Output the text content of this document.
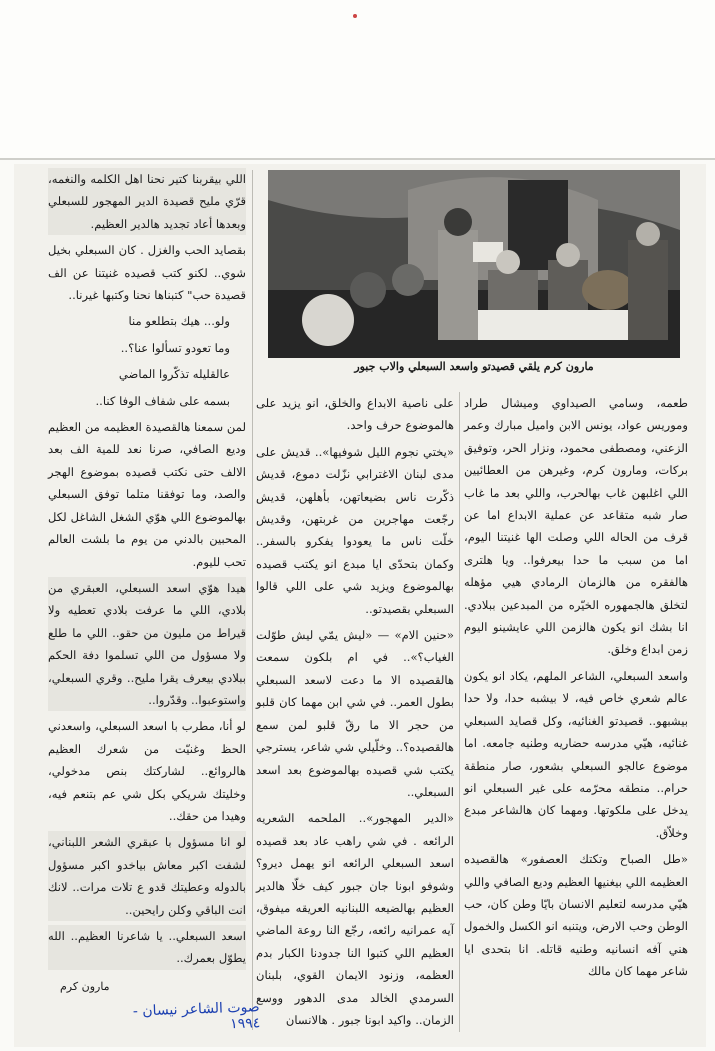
مارون كرم يلقي قصيدتو واسعد السبعلي والاب جبور

اللي بيقربنا كتير نحنا اهل الكلمه والنغمه، قرّي مليح قصيدة الدير المهجور للسبعلي وبعدها أعاد تجديد هالدير العظيم.

بقصايد الحب والغزل . كان السبعلي بخيل شوي.. لكنو كتب قصيده غنيتنا عن الف قصيدة حب" كتبناها نحنا وكتبها غيرنا..

ولو... هيك بتطلعو منا

وما تعودو تسألوا عنا؟..

عالقليله تذكّروا الماضي

بسمه على شفاف الوفا كنا..

لمن سمعنا هالقصيدة العظيمه من العظيم وديع الصافي، صرنا نعد للمية الف بعد الالف حتى نكتب قصيده بموضوع الهجر والصد، وما توفقنا متلما توفق السبعلي بهالموضوع اللي هوّي الشغل الشاغل لكل المحبين بالدني من يوم ما بلشت العالم تحب لليوم.

هيدا هوّي اسعد السبعلي، العبقري من بلادي، اللي ما عرفت بلادي تعطيه ولا قيراط من مليون من حقو.. اللي ما طلع ولا مسؤول من اللي تسلموا دفة الحكم ببلادي بيعرف يقرا مليح.. وقري السبعلي، واستوعبوا.. وقدّروا..

لو أنا، مطرب با اسعد السبعلي، واسعدني الحظ وغنيّت من شعرك العظيم هالروائع.. لشاركتك بنص مدخولي، وخليتك شريكي بكل شي عم بتنعم فيه، وهيدا من حقك..

لو انا مسؤول با عبقري الشعر اللبناني، لشفت اكبر معاش بياخدو اكبر مسؤول بالدوله وعطيتك قدو ع تلات مرات.. لانك انت الباقي وكلن رايحين..

اسعد السبعلي.. يا شاعرنا العظيم.. الله يطوّل بعمرك..

مارون كرم
صوت الشاعر نيسان - ١٩٩٤

على ناصية الابداع والخلق، انو يزيد على هالموضوع حرف واحد.

«يختي نجوم الليل شوفيها».. قديش على مدى لبنان الاغترابي نزّلت دموع، قديش ذكّرت ناس بضيعاتهن، بأهلهن، قديش رجّعت مهاجرين من غربتهن، وقديش خلّت ناس ما يعودوا يفكرو بالسفر.. وكمان بتحدّى ايا مبدع انو يكتب قصيده بهالموضوع ويزيد شي على اللي قالوا السبعلي بقصيدتو..

«حنين الام» — «ليش يمّي ليش طوّلت الغياب؟».. في ام بلكون سمعت هالقصيده الا ما دعت لاسعد السبعلي بطول العمر.. في شي ابن مهما كان قلبو من حجر الا ما رقّ قلبو لمن سمع هالقصيده؟.. وخلّيلي شي شاعر، يسترجي يكتب شي قصيده بهالموضوع بعد اسعد السبعلي..

«الدير المهجور».. الملحمه الشعريه الرائعه . في شي راهب عاد بعد قصيده اسعد السبعلي الرائعه انو يهمل ديرو؟ وشوفو ابونا جان جبور كيف خلّا هالدير العظيم بهالضيعه اللبنانيه العريقه ميفوق، آيه عمرانيه رائعه، رجّع النا روعة الماضي العظيم اللي كتبوا النا جدودنا الكبار بدم العظمه، وزنود الايمان القوي، بلبنان السرمدي الخالد مدى الدهور ووسع الزمان.. واكيد ابونا جبور . هالانسان

طعمه، وسامي الصيداوي وميشال طراد وموريس عواد، يونس الابن واميل مبارك وعمر الزعني، ومصطفى محمود، ونزار الحر، وتوفيق بركات، ومارون كرم، وغيرهن من العطائيين اللي اغلبهن غاب بهالحرب، واللي بعد ما غاب صار شبه متقاعد عن عملية الابداع اما عن قرف من الحاله اللي وصلت الها غنيتنا اليوم، اما من سبب ما حدا بيعرفوا.. ويا هلترى هالفقره من هالزمان الرمادي هيي مؤهله لتخلق هالجمهوره الخيّره من المبدعين ببلادي. انا بشك انو يكون هالزمن اللي عايشينو اليوم زمن ابداع وخلق.

واسعد السبعلي، الشاعر الملهم، يكاد انو يكون عالم شعري خاص فيه، لا بيشبه حدا، ولا حدا بيشبهو.. قصيدتو الغنائيه، وكل قصايد السبعلي غنائيه، هيّي مدرسه حضاريه وطنيه جامعه. اما موضوع عالجو السبعلي بشعور، صار منطقة حرام.. منطقه محرّمه على غير السبعلي انو يدخل على ملكوتها. ومهما كان هالشاعر مبدع وخلاّق.

«طل الصباح وتكتك العصفور» هالقصيده العظيمه اللي بيغنيها العظيم وديع الصافي واللي هيّي مدرسه لتعليم الانسان بايّا وطن كان، حب الوطن وحب الارض، ويتنبه انو الكسل والخمول هني آفه انسانيه وطنيه قاتله. انا بتحدى ايا شاعر مهما كان مالك
